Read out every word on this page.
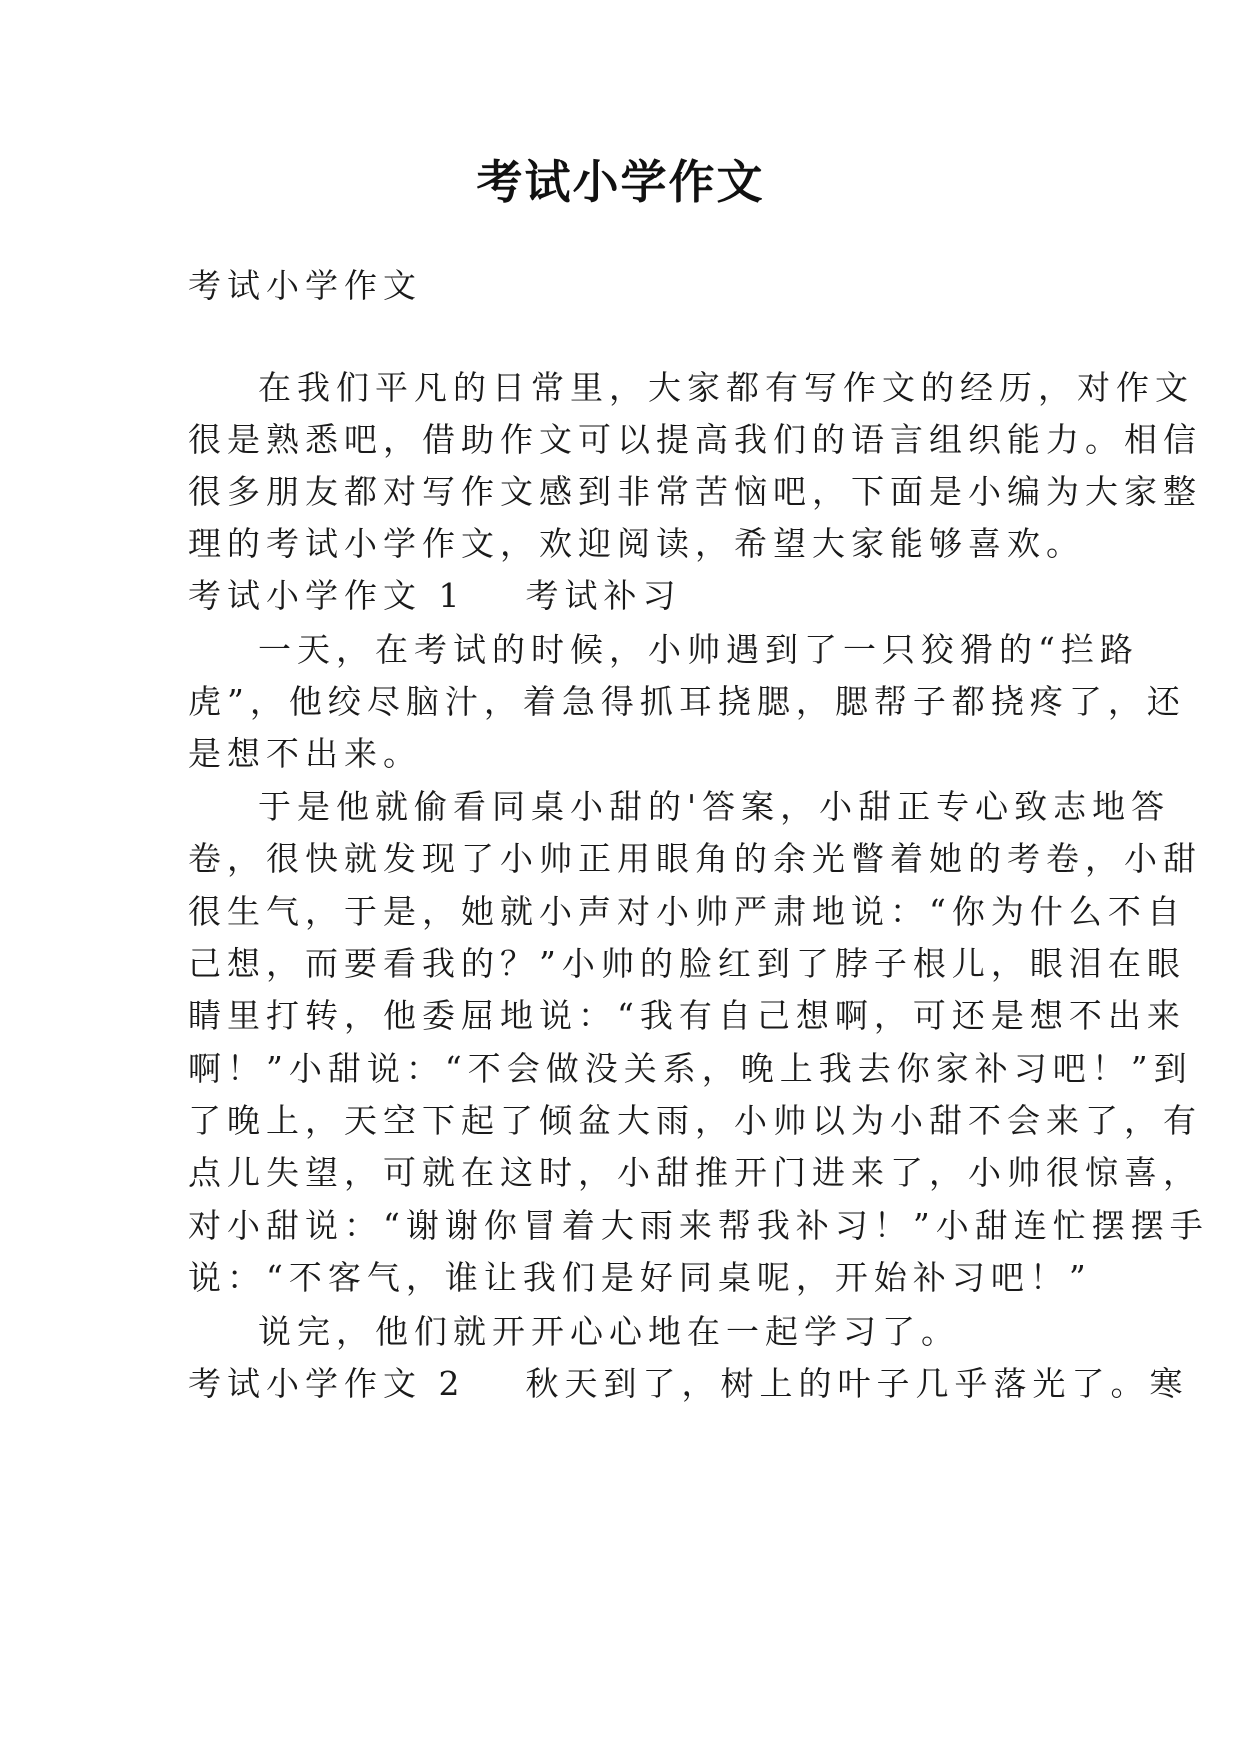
考试小学作文
考试小学作文
在我们平凡的日常里，大家都有写作文的经历，对作文
很是熟悉吧，借助作文可以提高我们的语言组织能力。相信
很多朋友都对写作文感到非常苦恼吧，下面是小编为大家整
理的考试小学作文，欢迎阅读，希望大家能够喜欢。
考试小学作文 1 考试补习
一天，在考试的时候，小帅遇到了一只狡猾的“拦路
虎”，他绞尽脑汁，着急得抓耳挠腮，腮帮子都挠疼了，还
是想不出来。
于是他就偷看同桌小甜的'答案，小甜正专心致志地答
卷，很快就发现了小帅正用眼角的余光瞥着她的考卷，小甜
很生气，于是，她就小声对小帅严肃地说：“你为什么不自
己想，而要看我的？”小帅的脸红到了脖子根儿，眼泪在眼
睛里打转，他委屈地说：“我有自己想啊，可还是想不出来
啊！”小甜说：“不会做没关系，晚上我去你家补习吧！”到
了晚上，天空下起了倾盆大雨，小帅以为小甜不会来了，有
点儿失望，可就在这时，小甜推开门进来了，小帅很惊喜，
对小甜说：“谢谢你冒着大雨来帮我补习！”小甜连忙摆摆手
说：“不客气，谁让我们是好同桌呢，开始补习吧！”
说完，他们就开开心心地在一起学习了。
考试小学作文 2 秋天到了，树上的叶子几乎落光了。寒
